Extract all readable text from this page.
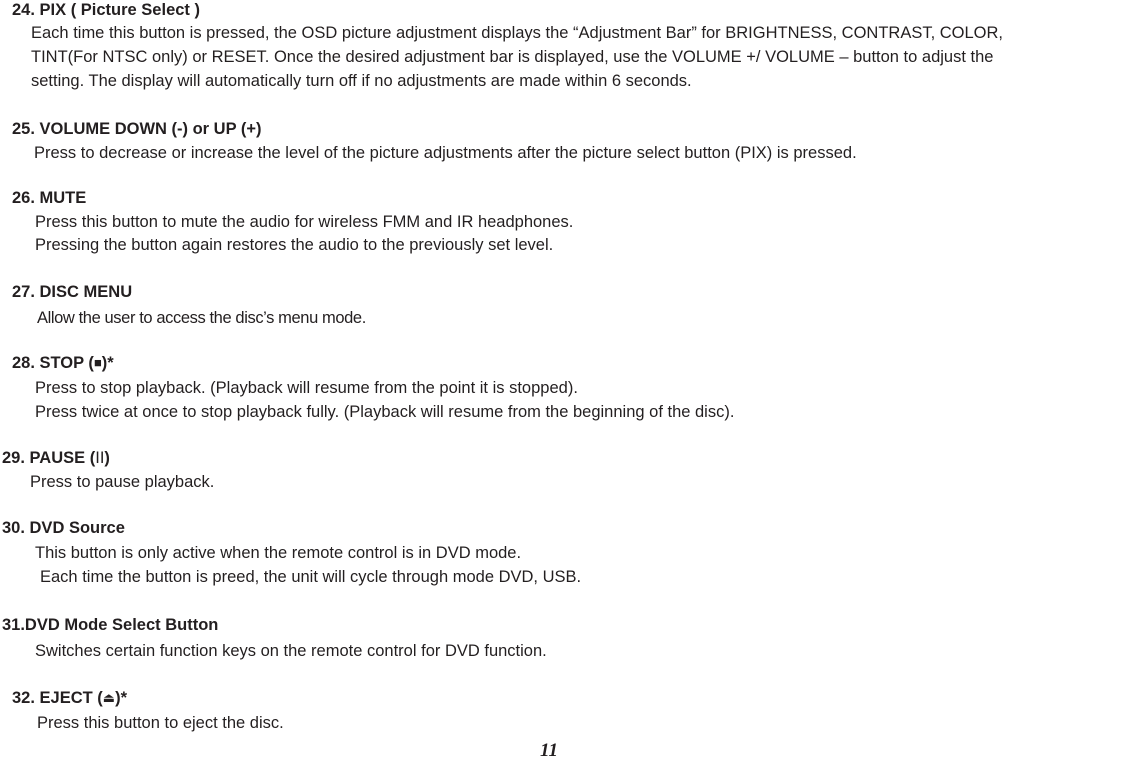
24. PIX ( Picture Select )
Each time this button is pressed, the OSD picture adjustment displays the “Adjustment Bar” for BRIGHTNESS, CONTRAST, COLOR,
TINT(For NTSC only) or RESET. Once the desired adjustment bar is displayed, use the VOLUME +/ VOLUME – button to adjust the
setting. The display will automatically turn off if no adjustments are made within 6 seconds.
25. VOLUME DOWN (-) or UP (+)
Press to decrease or increase the level of the picture adjustments after the picture select button (PIX) is pressed.
26. MUTE
Press this button to mute the audio for wireless FMM and IR headphones.
Pressing the button again restores the audio to the previously set level.
27. DISC MENU
Allow the user to access the disc’s menu mode.
28. STOP (■)*
Press to stop playback. (Playback will resume from the point it is stopped).
Press twice at once to stop playback fully. (Playback will resume from the beginning of the disc).
29. PAUSE (II)
Press to pause playback.
30. DVD Source
This button is only active when the remote control is in DVD mode.
Each time the button is preed, the unit will cycle through mode DVD, USB.
31.DVD Mode Select Button
Switches certain function keys on the remote control for DVD function.
32. EJECT (⏏)*
Press this button to eject the disc.
11
